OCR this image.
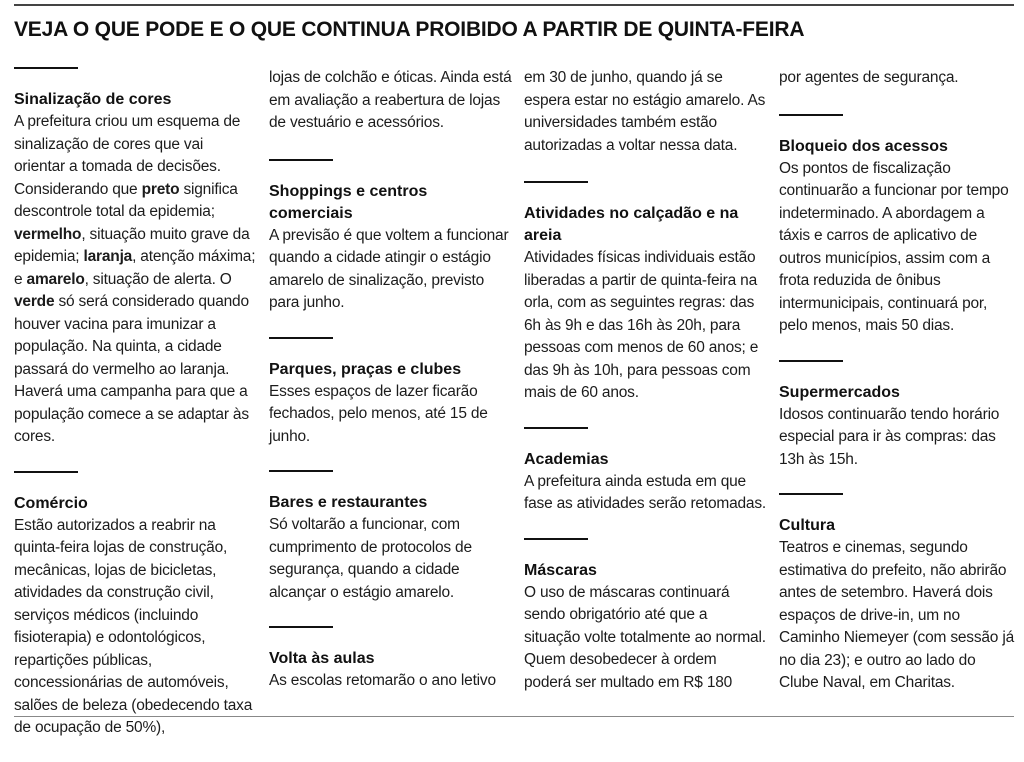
VEJA O QUE PODE E O QUE CONTINUA PROIBIDO A PARTIR DE QUINTA-FEIRA

Sinalização de cores

A prefeitura criou um esquema de sinalização de cores que vai orientar a tomada de decisões. Considerando que preto significa descontrole total da epidemia; vermelho, situação muito grave da epidemia; laranja, atenção máxima; e amarelo, situação de alerta. O verde só será considerado quando houver vacina para imunizar a população. Na quinta, a cidade passará do vermelho ao laranja. Haverá uma campanha para que a população comece a se adaptar às cores.

Comércio

Estão autorizados a reabrir na quinta-feira lojas de construção, mecânicas, lojas de bicicletas, atividades da construção civil, serviços médicos (incluindo fisioterapia) e odontológicos, repartições públicas, concessionárias de automóveis, salões de beleza (obedecendo taxa de ocupação de 50%),

lojas de colchão e óticas. Ainda está em avaliação a reabertura de lojas de vestuário e acessórios.

Shoppings e centros comerciais

A previsão é que voltem a funcionar quando a cidade atingir o estágio amarelo de sinalização, previsto para junho.

Parques, praças e clubes

Esses espaços de lazer ficarão fechados, pelo menos, até 15 de junho.

Bares e restaurantes

Só voltarão a funcionar, com cumprimento de protocolos de segurança, quando a cidade alcançar o estágio amarelo.

Volta às aulas

As escolas retomarão o ano letivo

em 30 de junho, quando já se espera estar no estágio amarelo. As universidades também estão autorizadas a voltar nessa data.

Atividades no calçadão e na areia

Atividades físicas individuais estão liberadas a partir de quinta-feira na orla, com as seguintes regras: das 6h às 9h e das 16h às 20h, para pessoas com menos de 60 anos; e das 9h às 10h, para pessoas com mais de 60 anos.

Academias

A prefeitura ainda estuda em que fase as atividades serão retomadas.

Máscaras

O uso de máscaras continuará sendo obrigatório até que a situação volte totalmente ao normal. Quem desobedecer à ordem poderá ser multado em R$ 180

por agentes de segurança.

Bloqueio dos acessos

Os pontos de fiscalização continuarão a funcionar por tempo indeterminado. A abordagem a táxis e carros de aplicativo de outros municípios, assim com a frota reduzida de ônibus intermunicipais, continuará por, pelo menos, mais 50 dias.

Supermercados

Idosos continuarão tendo horário especial para ir às compras: das 13h às 15h.

Cultura

Teatros e cinemas, segundo estimativa do prefeito, não abrirão antes de setembro. Haverá dois espaços de drive-in, um no Caminho Niemeyer (com sessão já no dia 23); e outro ao lado do Clube Naval, em Charitas.
